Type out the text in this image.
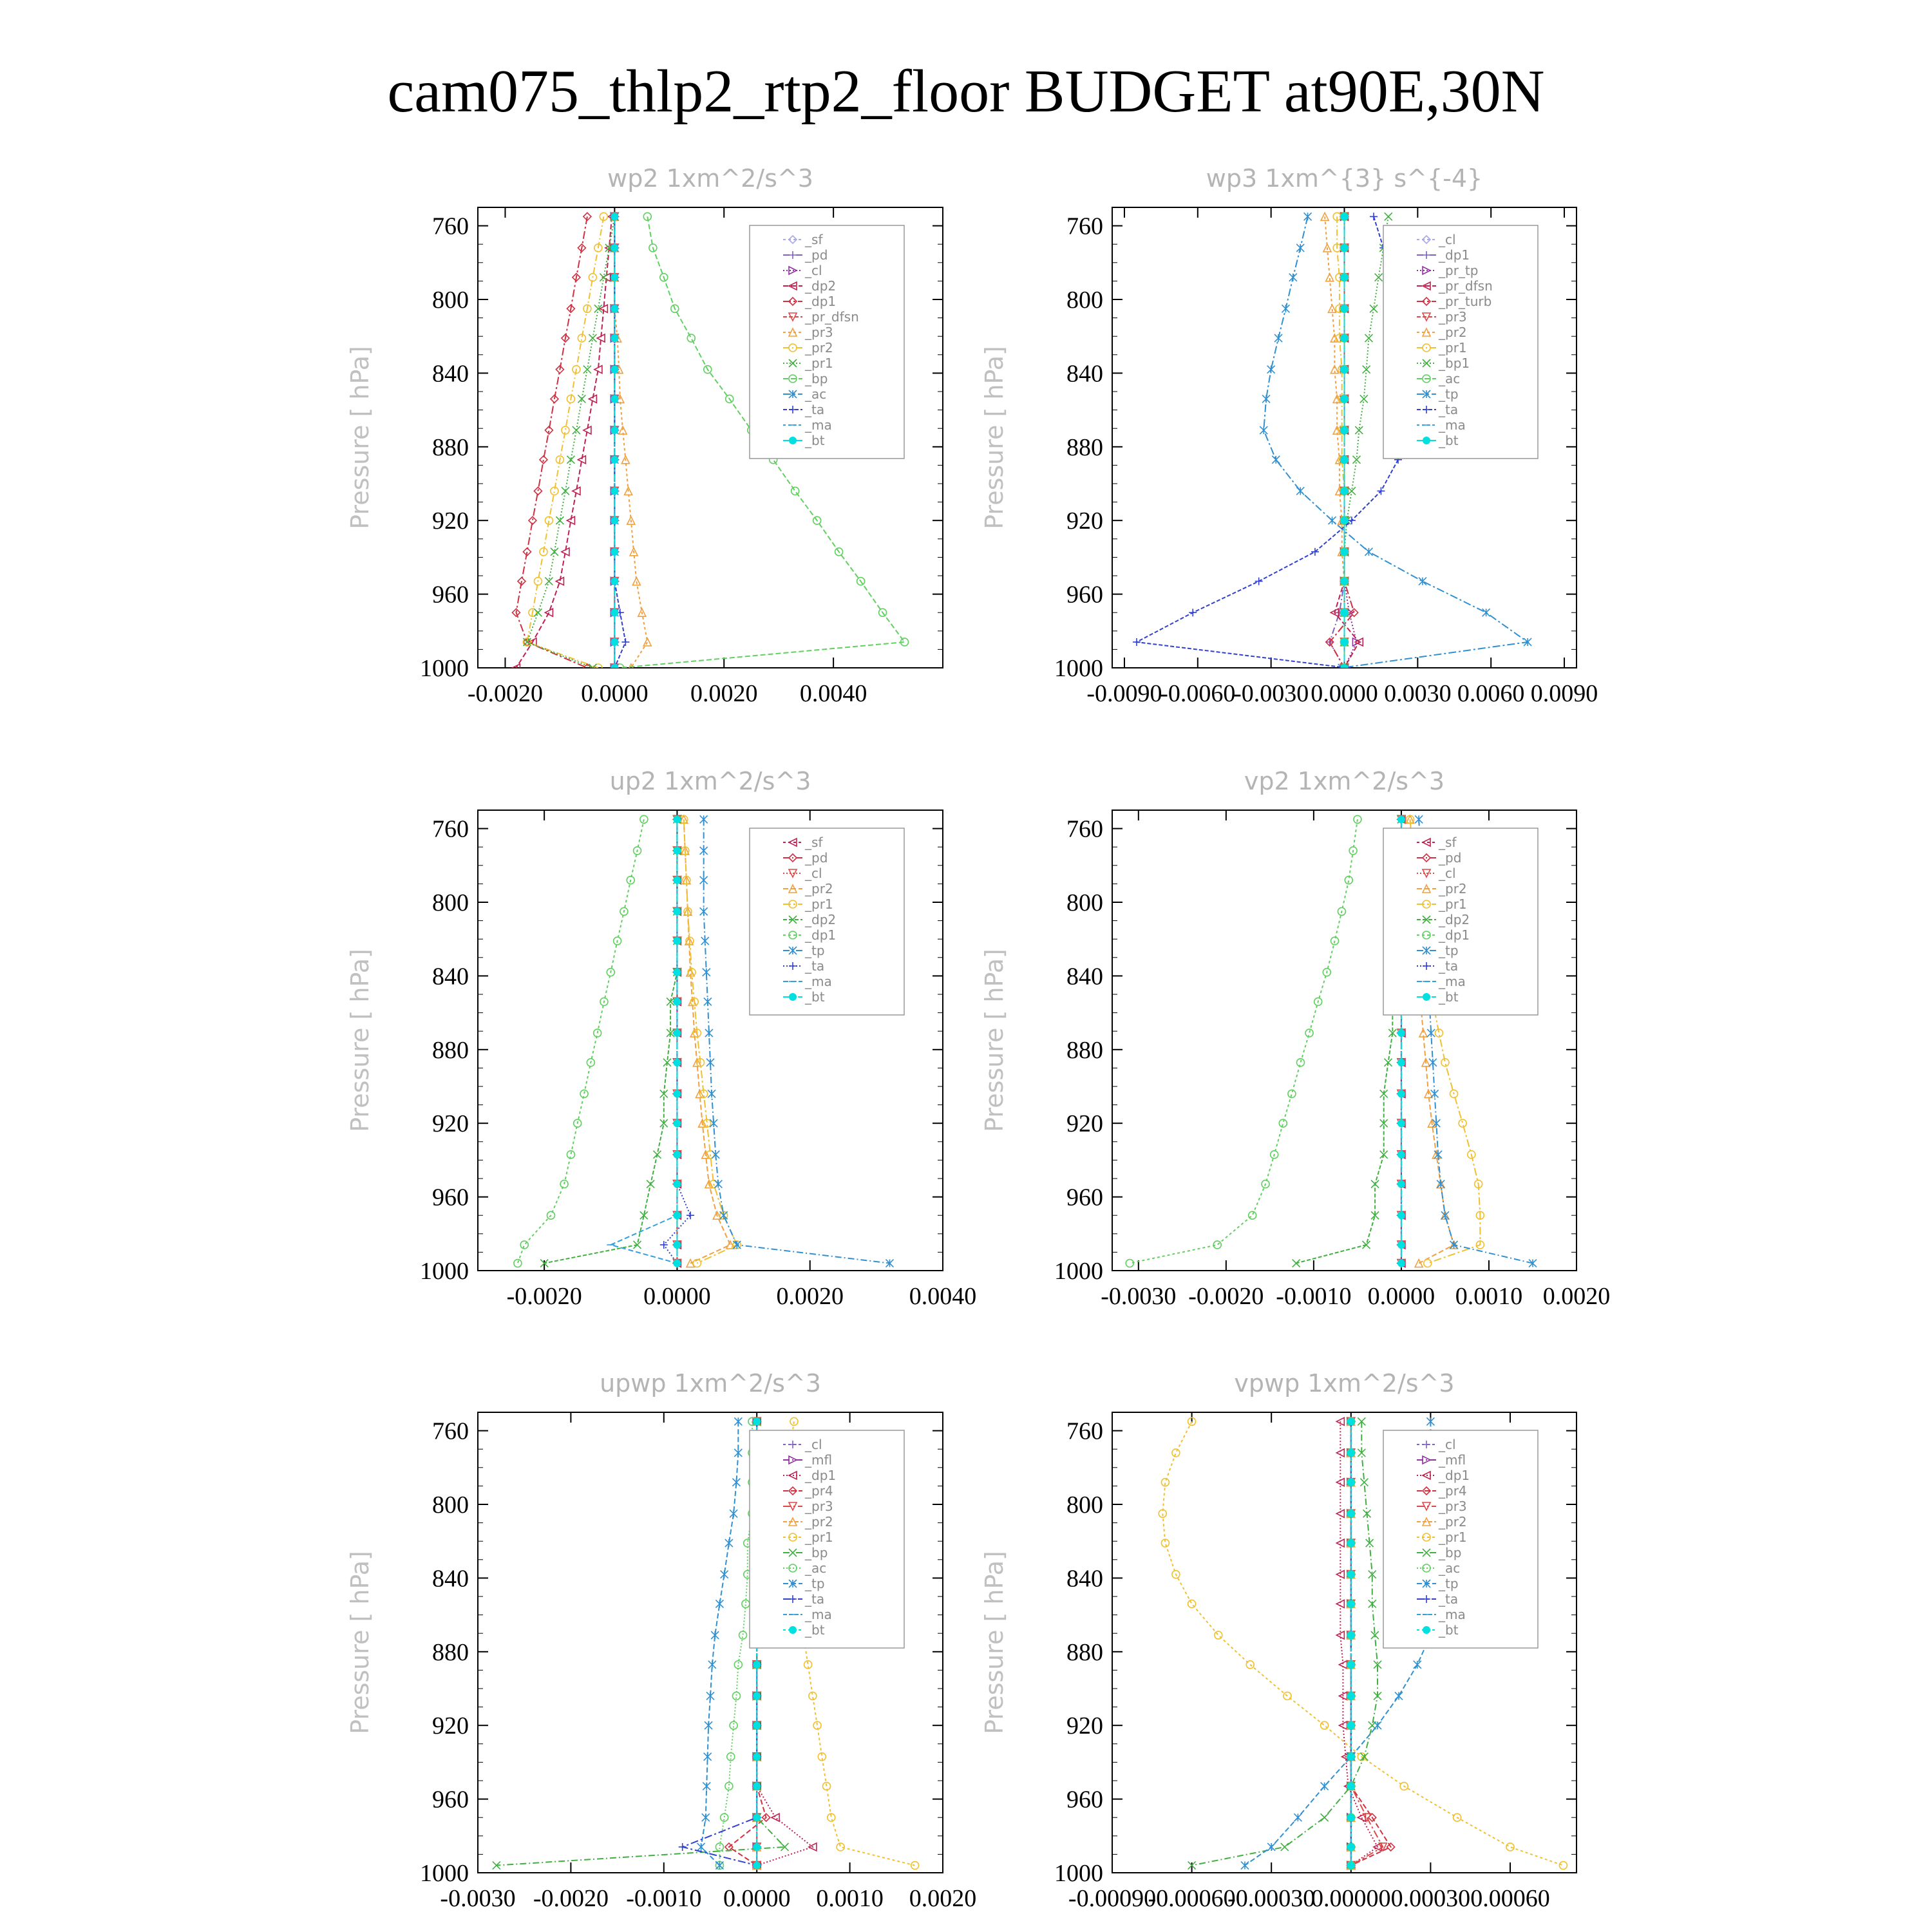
cam075_thlp2_rtp2_floor BUDGET at90E,30N
760
800
840
880
920
960
1000
-0.0020 0.0000 0.0020 0.0040
wp2 1xm^2/s^3
Pressure [ hPa]
_sf
_pd
_cl
_dp2
_dp1
_pr_dfsn
_pr3
_pr2
_pr1
_bp
_ac
_ta
_ma
_bt
760
800
840
880
920
960
1000
-0.0090
-0.0060
-0.0030 0.0000 0.0030 0.0060 0.0090
wp3 1xm^{3} s^{-4}
Pressure [ hPa]
_cl
_dp1
_pr_tp
_pr_dfsn
_pr_turb
_pr3
_pr2
_pr1
_bp1
_ac
_tp
_ta
_ma
_bt
760
800
840
880
920
960
1000
-0.0020	0.0000	0.0020	0.0040
up2 1xm^2/s^3
Pressure [ hPa]
_sf
_pd
_cl
_pr2
_pr1
_dp2
_dp1
_tp
_ta
_ma
_bt
760
800
840
880
920
960
1000
-0.0030 -0.0020 -0.0010 0.0000 0.0010 0.0020
vp2 1xm^2/s^3
Pressure [ hPa]
_sf
_pd
_cl
_pr2
_pr1
_dp2
_dp1
_tp
_ta
_ma
_bt
760
800
840
880
920
960
1000
-0.0030 -0.0020 -0.0010 0.0000 0.0010 0.0020
upwp 1xm^2/s^3
Pressure [ hPa]
_cl
_mfl
_dp1
_pr4
_pr3
_pr2
_pr1
_bp
_ac
_tp
_ta
_ma
_bt
760
800
840
880
920
960
1000
-0.00090
-0.00060
-0.00030
0.00000 0.00030 0.00060
vpwp 1xm^2/s^3
Pressure [ hPa]
_cl
_mfl
_dp1
_pr4
_pr3
_pr2
_pr1
_bp
_ac
_tp
_ta
_ma
_bt
